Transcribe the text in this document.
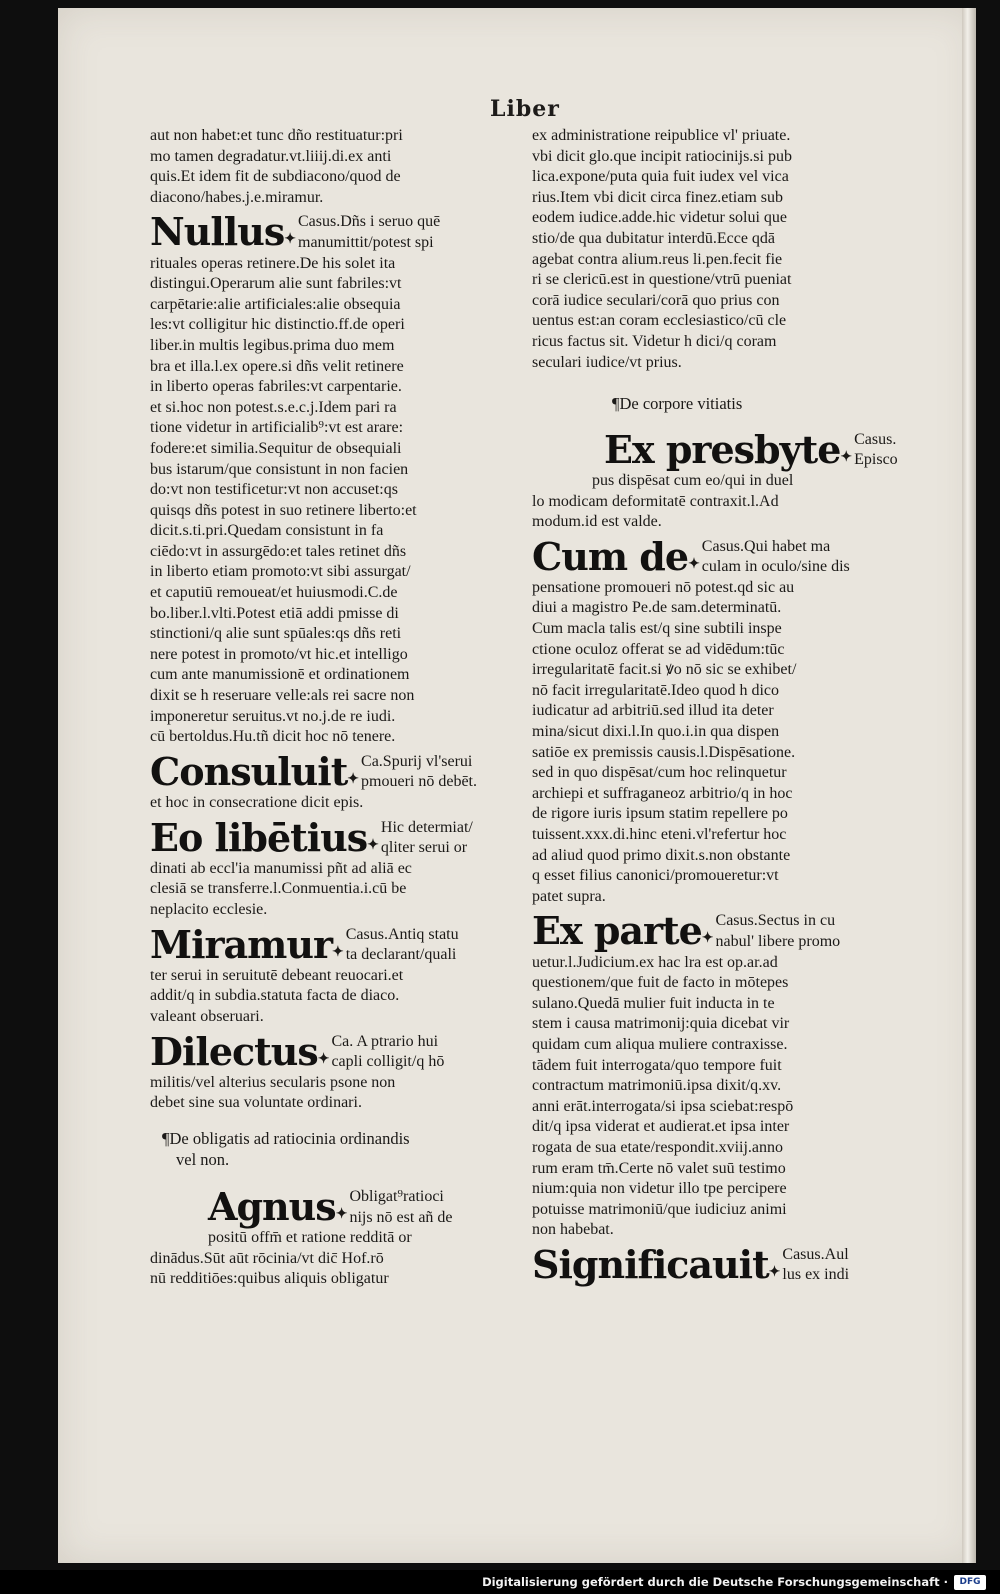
Liber
aut non habet:et tunc dño restituatur:pri
mo tamen degradatur.vt.liiij.di.ex anti
quis.Et idem fit de subdiacono/quod de
diacono/habes.j.e.miramur.
Nullus ✦
Casus.Dñs i seruo quē
manumittit/potest spi
rituales operas retinere.De his solet ita
distingui.Operarum alie sunt fabriles:vt
carpētarie:alie artificiales:alie obsequia
les:vt colligitur hic distinctio.ff.de operi
liber.in multis legibus.prima duo mem
bra et illa.l.ex opere.si dñs velit retinere
in liberto operas fabriles:vt carpentarie.
et si.hoc non potest.s.e.c.j.Idem pari ra
tione videtur in artificialib⁹:vt est arare:
fodere:et similia.Sequitur de obsequiali
bus istarum/que consistunt in non facien
do:vt non testificetur:vt non accuset:qs
quisqs dñs potest in suo retinere liberto:et
dicit.s.ti.pri.Quedam consistunt in fa
ciēdo:vt in assurgēdo:et tales retinet dñs
in liberto etiam promoto:vt sibi assurgat/
et caputiū remoueat/et huiusmodi.C.de
bo.liber.l.vlti.Potest etiā addi pmisse di
stinctioni/q alie sunt spūales:qs dñs reti
nere potest in promoto/vt hic.et intelligo
cum ante manumissionē et ordinationem
dixit se h reseruare velle:als rei sacre non
imponeretur seruitus.vt no.j.de re iudi.
cū bertoldus.Hu.tñ dicit hoc nō tenere.
Consuluit ✦
Ca.Spurij vl'serui
pmoueri nō debēt.
et hoc in consecratione dicit epis.
Eo libētius ✦
Hic determiat/
qliter serui or
dinati ab eccl'ia manumissi pñt ad aliā ec
clesiā se transferre.l.Conmuentia.i.cū be
neplacito ecclesie.
Miramur ✦
Casus.Antiq statu
ta declarant/quali
ter serui in seruitutē debeant reuocari.et
addit/q in subdia.statuta facta de diaco.
valeant obseruari.
Dilectus ✦
Ca. A ptrario hui
capli colligit/q hō
militis/vel alterius secularis psone non
debet sine sua voluntate ordinari.
¶De obligatis ad ratiocinia ordinandis
vel non.
Agnus ✦
Obligat⁹ratioci
nijs nō est añ de
positū offm̄ et ratione redditā or
dinādus.Sūt aūt rōcinia/vt dic̄ Hof.rō
nū redditiōes:quibus aliquis obligatur
ex administratione reipublice vl' priuate.
vbi dicit glo.que incipit ratiocinijs.si pub
lica.expone/puta quia fuit iudex vel vica
rius.Item vbi dicit circa finez.etiam sub
eodem iudice.adde.hic videtur solui que
stio/de qua dubitatur interdū.Ecce qdā
agebat contra alium.reus li.pen.fecit fie
ri se clericū.est in questione/vtrū pueniat
corā iudice seculari/corā quo prius con
uentus est:an coram ecclesiastico/cū cle
ricus factus sit. Videtur h dici/q coram
seculari iudice/vt prius.
¶De corpore vitiatis
Ex presbyte ✦
Casus.
Episco
pus dispēsat cum eo/qui in duel
lo modicam deformitatē contraxit.l.Ad
modum.id est valde.
Cum de ✦
Casus.Qui habet ma
culam in oculo/sine dis
pensatione promoueri nō potest.qd sic au
diui a magistro Pe.de sam.determinatū.
Cum macla talis est/q sine subtili inspe
ctione oculoz offerat se ad vidēdum:tūc
irregularitatē facit.si ꝟo nō sic se exhibet/
nō facit irregularitatē.Ideo quod h dico
iudicatur ad arbitriū.sed illud ita deter
mina/sicut dixi.l.In quo.i.in qua dispen
satiōe ex premissis causis.l.Dispēsatione.
sed in quo dispēsat/cum hoc relinquetur
archiepi et suffraganeoz arbitrio/q in hoc
de rigore iuris ipsum statim repellere po
tuissent.xxx.di.hinc eteni.vl'refertur hoc
ad aliud quod primo dixit.s.non obstante
q esset filius canonici/promoueretur:vt
patet supra.
Ex parte ✦
Casus.Sectus in cu
nabul' libere promo
uetur.l.Judicium.ex hac lra est op.ar.ad
questionem/que fuit de facto in mōtepes
sulano.Quedā mulier fuit inducta in te
stem i causa matrimonij:quia dicebat vir
quidam cum aliqua muliere contraxisse.
tādem fuit interrogata/quo tempore fuit
contractum matrimoniū.ipsa dixit/q.xv.
anni erāt.interrogata/si ipsa sciebat:respō
dit/q ipsa viderat et audierat.et ipsa inter
rogata de sua etate/respondit.xviij.anno
rum eram tm̄.Certe nō valet suū testimo
nium:quia non videtur illo tpe percipere
potuisse matrimoniū/que iudiciuz animi
non habebat.
Significauit ✦
Casus.Aul
lus ex indi
Digitalisierung gefördert durch die Deutsche Forschungsgemeinschaft ·	DFG
